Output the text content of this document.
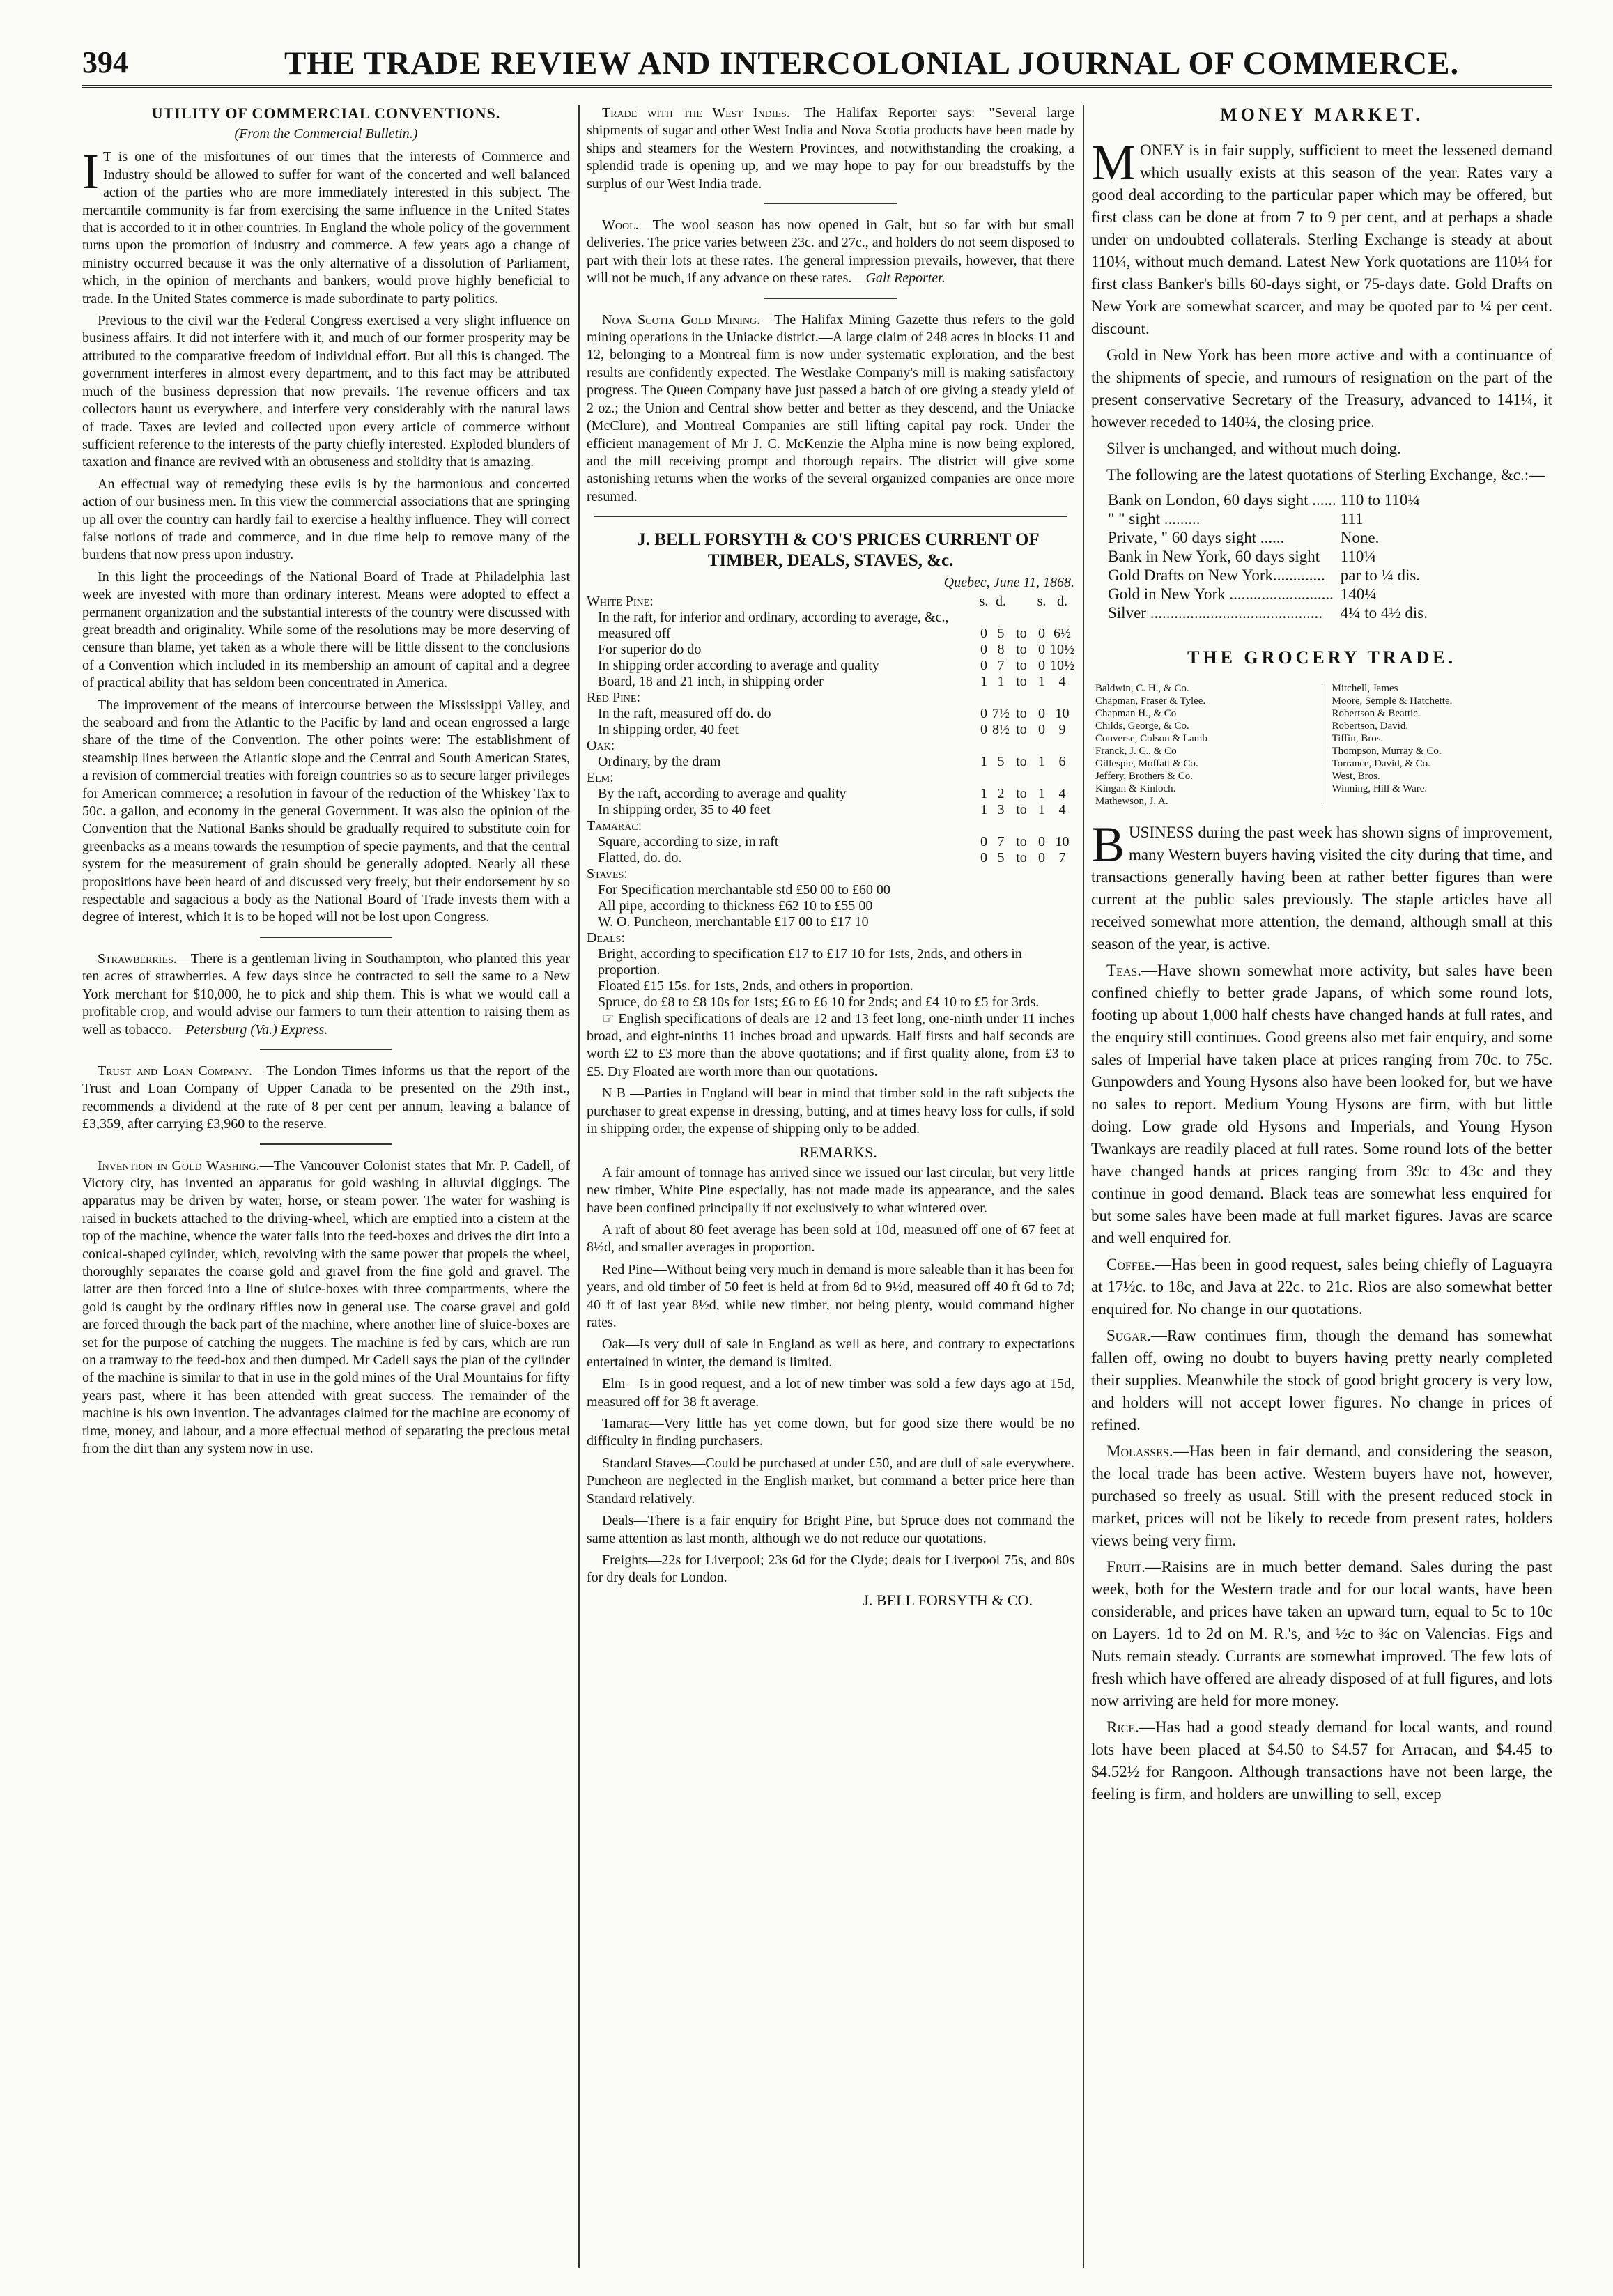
394	THE TRADE REVIEW AND INTERCOLONIAL JOURNAL OF COMMERCE.
UTILITY OF COMMERCIAL CONVENTIONS.

(From the Commercial Bulletin.)

I T is one of the misfortunes of our times that the interests of Commerce and Industry should be allowed to suffer for want of the concerted and well balanced action of the parties who are more immediately interested in this subject. The mercantile community is far from exercising the same influence in the United States that is accorded to it in other countries. In England the whole policy of the government turns upon the promotion of industry and commerce. A few years ago a change of ministry occurred because it was the only alternative of a dissolution of Parliament, which, in the opinion of merchants and bankers, would prove highly beneficial to trade. In the United States commerce is made subordinate to party politics.

Previous to the civil war the Federal Congress exercised a very slight influence on business affairs. It did not interfere with it, and much of our former prosperity may be attributed to the comparative freedom of individual effort. But all this is changed. The government interferes in almost every department, and to this fact may be attributed much of the business depression that now prevails. The revenue officers and tax collectors haunt us everywhere, and interfere very considerably with the natural laws of trade. Taxes are levied and collected upon every article of commerce without sufficient reference to the interests of the party chiefly interested. Exploded blunders of taxation and finance are revived with an obtuseness and stolidity that is amazing.

An effectual way of remedying these evils is by the harmonious and concerted action of our business men. In this view the commercial associations that are springing up all over the country can hardly fail to exercise a healthy influence. They will correct false notions of trade and commerce, and in due time help to remove many of the burdens that now press upon industry.

In this light the proceedings of the National Board of Trade at Philadelphia last week are invested with more than ordinary interest. Means were adopted to effect a permanent organization and the substantial interests of the country were discussed with great breadth and originality. While some of the resolutions may be more deserving of censure than blame, yet taken as a whole there will be little dissent to the conclusions of a Convention which included in its membership an amount of capital and a degree of practical ability that has seldom been concentrated in America.

The improvement of the means of intercourse between the Mississippi Valley, and the seaboard and from the Atlantic to the Pacific by land and ocean engrossed a large share of the time of the Convention. The other points were: The establishment of steamship lines between the Atlantic slope and the Central and South American States, a revision of commercial treaties with foreign countries so as to secure larger privileges for American commerce; a resolution in favour of the reduction of the Whiskey Tax to 50c. a gallon, and economy in the general Government. It was also the opinion of the Convention that the National Banks should be gradually required to substitute coin for greenbacks as a means towards the resumption of specie payments, and that the central system for the measurement of grain should be generally adopted. Nearly all these propositions have been heard of and discussed very freely, but their endorsement by so respectable and sagacious a body as the National Board of Trade invests them with a degree of interest, which it is to be hoped will not be lost upon Congress.

Strawberries.—There is a gentleman living in Southampton, who planted this year ten acres of strawberries. A few days since he contracted to sell the same to a New York merchant for $10,000, he to pick and ship them. This is what we would call a profitable crop, and would advise our farmers to turn their attention to raising them as well as tobacco.—Petersburg (Va.) Express.

Trust and Loan Company.—The London Times informs us that the report of the Trust and Loan Company of Upper Canada to be presented on the 29th inst., recommends a dividend at the rate of 8 per cent per annum, leaving a balance of £3,359, after carrying £3,960 to the reserve.

Invention in Gold Washing.—The Vancouver Colonist states that Mr. P. Cadell, of Victory city, has invented an apparatus for gold washing in alluvial diggings. The apparatus may be driven by water, horse, or steam power. The water for washing is raised in buckets attached to the driving-wheel, which are emptied into a cistern at the top of the machine, whence the water falls into the feed-boxes and drives the dirt into a conical-shaped cylinder, which, revolving with the same power that propels the wheel, thoroughly separates the coarse gold and gravel from the fine gold and gravel. The latter are then forced into a line of sluice-boxes with three compartments, where the gold is caught by the ordinary riffles now in general use. The coarse gravel and gold are forced through the back part of the machine, where another line of sluice-boxes are set for the purpose of catching the nuggets. The machine is fed by cars, which are run on a tramway to the feed-box and then dumped. Mr Cadell says the plan of the cylinder of the machine is similar to that in use in the gold mines of the Ural Mountains for fifty years past, where it has been attended with great success. The remainder of the machine is his own invention. The advantages claimed for the machine are economy of time, money, and labour, and a more effectual method of separating the precious metal from the dirt than any system now in use.

Trade with the West Indies.—The Halifax Reporter says:—"Several large shipments of sugar and other West India and Nova Scotia products have been made by ships and steamers for the Western Provinces, and notwithstanding the croaking, a splendid trade is opening up, and we may hope to pay for our breadstuffs by the surplus of our West India trade.

Wool.—The wool season has now opened in Galt, but so far with but small deliveries. The price varies between 23c. and 27c., and holders do not seem disposed to part with their lots at these rates. The general impression prevails, however, that there will not be much, if any advance on these rates.—Galt Reporter.

Nova Scotia Gold Mining.—The Halifax Mining Gazette thus refers to the gold mining operations in the Uniacke district.—A large claim of 248 acres in blocks 11 and 12, belonging to a Montreal firm is now under systematic exploration, and the best results are confidently expected. The Westlake Company's mill is making satisfactory progress. The Queen Company have just passed a batch of ore giving a steady yield of 2 oz.; the Union and Central show better and better as they descend, and the Uniacke (McClure), and Montreal Companies are still lifting capital pay rock. Under the efficient management of Mr J. C. McKenzie the Alpha mine is now being explored, and the mill receiving prompt and thorough repairs. The district will give some astonishing returns when the works of the several organized companies are once more resumed.

J. BELL FORSYTH & CO'S PRICES CURRENT OF TIMBER, DEALS, STAVES, &c.

Quebec, June 11, 1868.

White Pine:	s.	d.		s.	d.
In the raft, for inferior and ordinary, according to average, &c., measured off	0	5	to	0	6½
For superior do do	0	8	to	0	10½
In shipping order according to average and quality	0	7	to	0	10½
Board, 18 and 21 inch, in shipping order	1	1	to	1	4
Red Pine:					
In the raft, measured off do. do	0	7½	to	0	10
In shipping order, 40 feet	0	8½	to	0	9
Oak:					
Ordinary, by the dram	1	5	to	1	6
Elm:					
By the raft, according to average and quality	1	2	to	1	4
In shipping order, 35 to 40 feet	1	3	to	1	4
Tamarac:					
Square, according to size, in raft	0	7	to	0	10
Flatted, do. do.	0	5	to	0	7
Staves:					
For Specification merchantable std £50 00 to £60 00					
All pipe, according to thickness £62 10 to £55 00					
W. O. Puncheon, merchantable £17 00 to £17 10					
Deals:					
Bright, according to specification £17 to £17 10 for 1sts, 2nds, and others in proportion.					
Floated £15 15s. for 1sts, 2nds, and others in proportion.					
Spruce, do £8 to £8 10s for 1sts; £6 to £6 10 for 2nds; and £4 10 to £5 for 3rds.					

☞ English specifications of deals are 12 and 13 feet long, one-ninth under 11 inches broad, and eight-ninths 11 inches broad and upwards. Half firsts and half seconds are worth £2 to £3 more than the above quotations; and if first quality alone, from £3 to £5. Dry Floated are worth more than our quotations.

N B —Parties in England will bear in mind that timber sold in the raft subjects the purchaser to great expense in dressing, butting, and at times heavy loss for culls, if sold in shipping order, the expense of shipping only to be added.

REMARKS.

A fair amount of tonnage has arrived since we issued our last circular, but very little new timber, White Pine especially, has not made made its appearance, and the sales have been confined principally if not exclusively to what wintered over.

A raft of about 80 feet average has been sold at 10d, measured off one of 67 feet at 8½d, and smaller averages in proportion.

Red Pine—Without being very much in demand is more saleable than it has been for years, and old timber of 50 feet is held at from 8d to 9½d, measured off 40 ft 6d to 7d; 40 ft of last year 8½d, while new timber, not being plenty, would command higher rates.

Oak—Is very dull of sale in England as well as here, and contrary to expectations entertained in winter, the demand is limited.

Elm—Is in good request, and a lot of new timber was sold a few days ago at 15d, measured off for 38 ft average.

Tamarac—Very little has yet come down, but for good size there would be no difficulty in finding purchasers.

Standard Staves—Could be purchased at under £50, and are dull of sale everywhere. Puncheon are neglected in the English market, but command a better price here than Standard relatively.

Deals—There is a fair enquiry for Bright Pine, but Spruce does not command the same attention as last month, although we do not reduce our quotations.

Freights—22s for Liverpool; 23s 6d for the Clyde; deals for Liverpool 75s, and 80s for dry deals for London.

J. BELL FORSYTH & CO.
MONEY MARKET.

MONEY is in fair supply, sufficient to meet the lessened demand which usually exists at this season of the year. Rates vary a good deal according to the particular paper which may be offered, but first class can be done at from 7 to 9 per cent, and at perhaps a shade under on undoubted collaterals. Sterling Exchange is steady at about 110¼, without much demand. Latest New York quotations are 110¼ for first class Banker's bills 60-days sight, or 75-days date. Gold Drafts on New York are somewhat scarcer, and may be quoted par to ¼ per cent. discount.

Gold in New York has been more active and with a continuance of the shipments of specie, and rumours of resignation on the part of the present conservative Secretary of the Treasury, advanced to 141¼, it however receded to 140¼, the closing price.

Silver is unchanged, and without much doing.

The following are the latest quotations of Sterling Exchange, &c.:—

Bank on London, 60 days sight ......	110 to 110¼
" " sight .........	111
Private, " 60 days sight ......	None.
Bank in New York, 60 days sight	110¼
Gold Drafts on New York.............	par to ¼ dis.
Gold in New York ..........................	140¼
Silver ...........................................	4¼ to 4½ dis.
THE GROCERY TRADE.
Baldwin, C. H., & Co.	Mitchell, James
Chapman, Fraser & Tylee.	Moore, Semple & Hatchette.
Chapman H., & Co	Robertson & Beattie.
Childs, George, & Co.	Robertson, David.
Converse, Colson & Lamb	Tiffin, Bros.
Franck, J. C., & Co	Thompson, Murray & Co.
Gillespie, Moffatt & Co.	Torrance, David, & Co.
Jeffery, Brothers & Co.	West, Bros.
Kingan & Kinloch.	Winning, Hill & Ware.
Mathewson, J. A.	

BUSINESS during the past week has shown signs of improvement, many Western buyers having visited the city during that time, and transactions generally having been at rather better figures than were current at the public sales previously. The staple articles have all received somewhat more attention, the demand, although small at this season of the year, is active.

Teas.—Have shown somewhat more activity, but sales have been confined chiefly to better grade Japans, of which some round lots, footing up about 1,000 half chests have changed hands at full rates, and the enquiry still continues. Good greens also met fair enquiry, and some sales of Imperial have taken place at prices ranging from 70c. to 75c. Gunpowders and Young Hysons also have been looked for, but we have no sales to report. Medium Young Hysons are firm, with but little doing. Low grade old Hysons and Imperials, and Young Hyson Twankays are readily placed at full rates. Some round lots of the better have changed hands at prices ranging from 39c to 43c and they continue in good demand. Black teas are somewhat less enquired for but some sales have been made at full market figures. Javas are scarce and well enquired for.

Coffee.—Has been in good request, sales being chiefly of Laguayra at 17½c. to 18c, and Java at 22c. to 21c. Rios are also somewhat better enquired for. No change in our quotations.

Sugar.—Raw continues firm, though the demand has somewhat fallen off, owing no doubt to buyers having pretty nearly completed their supplies. Meanwhile the stock of good bright grocery is very low, and holders will not accept lower figures. No change in prices of refined.

Molasses.—Has been in fair demand, and considering the season, the local trade has been active. Western buyers have not, however, purchased so freely as usual. Still with the present reduced stock in market, prices will not be likely to recede from present rates, holders views being very firm.

Fruit.—Raisins are in much better demand. Sales during the past week, both for the Western trade and for our local wants, have been considerable, and prices have taken an upward turn, equal to 5c to 10c on Layers. 1d to 2d on M. R.'s, and ½c to ¾c on Valencias. Figs and Nuts remain steady. Currants are somewhat improved. The few lots of fresh which have offered are already disposed of at full figures, and lots now arriving are held for more money.

Rice.—Has had a good steady demand for local wants, and round lots have been placed at $4.50 to $4.57 for Arracan, and $4.45 to $4.52½ for Rangoon. Although transactions have not been large, the feeling is firm, and holders are unwilling to sell, excep
